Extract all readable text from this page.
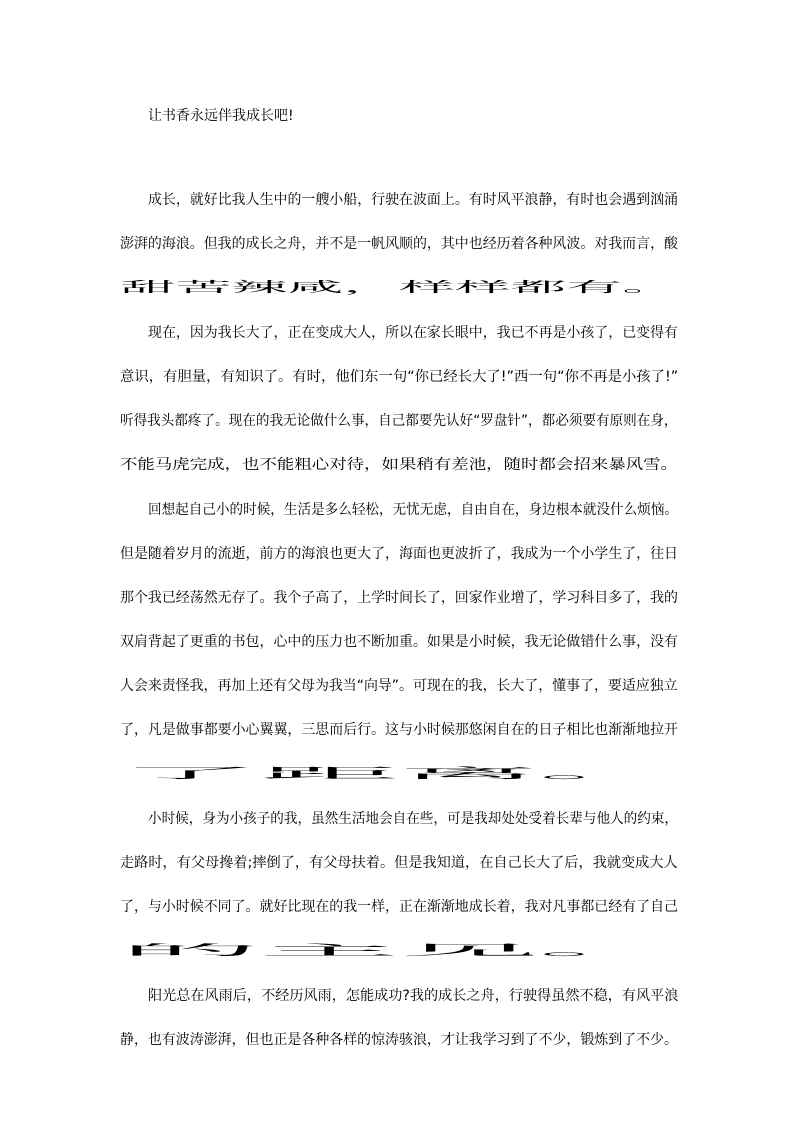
让书香永远伴我成长吧!

成长，就好比我人生中的一艘小船，行驶在波面上。有时风平浪静，有时也会遇到汹涌

澎湃的海浪。但我的成长之舟，并不是一帆风顺的，其中也经历着各种风波。对我而言，酸

甜苦辣咸，样样都有。

现在，因为我长大了，正在变成大人，所以在家长眼中，我已不再是小孩了，已变得有

意识，有胆量，有知识了。有时，他们东一句“你已经长大了!”西一句“你不再是小孩了!”

听得我头都疼了。现在的我无论做什么事，自己都要先认好“罗盘针”，都必须要有原则在身，

不能马虎完成，也不能粗心对待，如果稍有差池，随时都会招来暴风雪。

回想起自己小的时候，生活是多么轻松，无忧无虑，自由自在，身边根本就没什么烦恼。

但是随着岁月的流逝，前方的海浪也更大了，海面也更波折了，我成为一个小学生了，往日

那个我已经荡然无存了。我个子高了，上学时间长了，回家作业增了，学习科目多了，我的

双肩背起了更重的书包，心中的压力也不断加重。如果是小时候，我无论做错什么事，没有

人会来责怪我，再加上还有父母为我当“向导”。可现在的我，长大了，懂事了，要适应独立

了，凡是做事都要小心翼翼，三思而后行。这与小时候那悠闲自在的日子相比也渐渐地拉开

了距离。

小时候，身为小孩子的我，虽然生活地会自在些，可是我却处处受着长辈与他人的约束，

走路时，有父母搀着;摔倒了，有父母扶着。但是我知道，在自己长大了后，我就变成大人

了，与小时候不同了。就好比现在的我一样，正在渐渐地成长着，我对凡事都已经有了自己

的主见。

阳光总在风雨后，不经历风雨，怎能成功?我的成长之舟，行驶得虽然不稳，有风平浪

静，也有波涛澎湃，但也正是各种各样的惊涛骇浪，才让我学习到了不少，锻炼到了不少。
